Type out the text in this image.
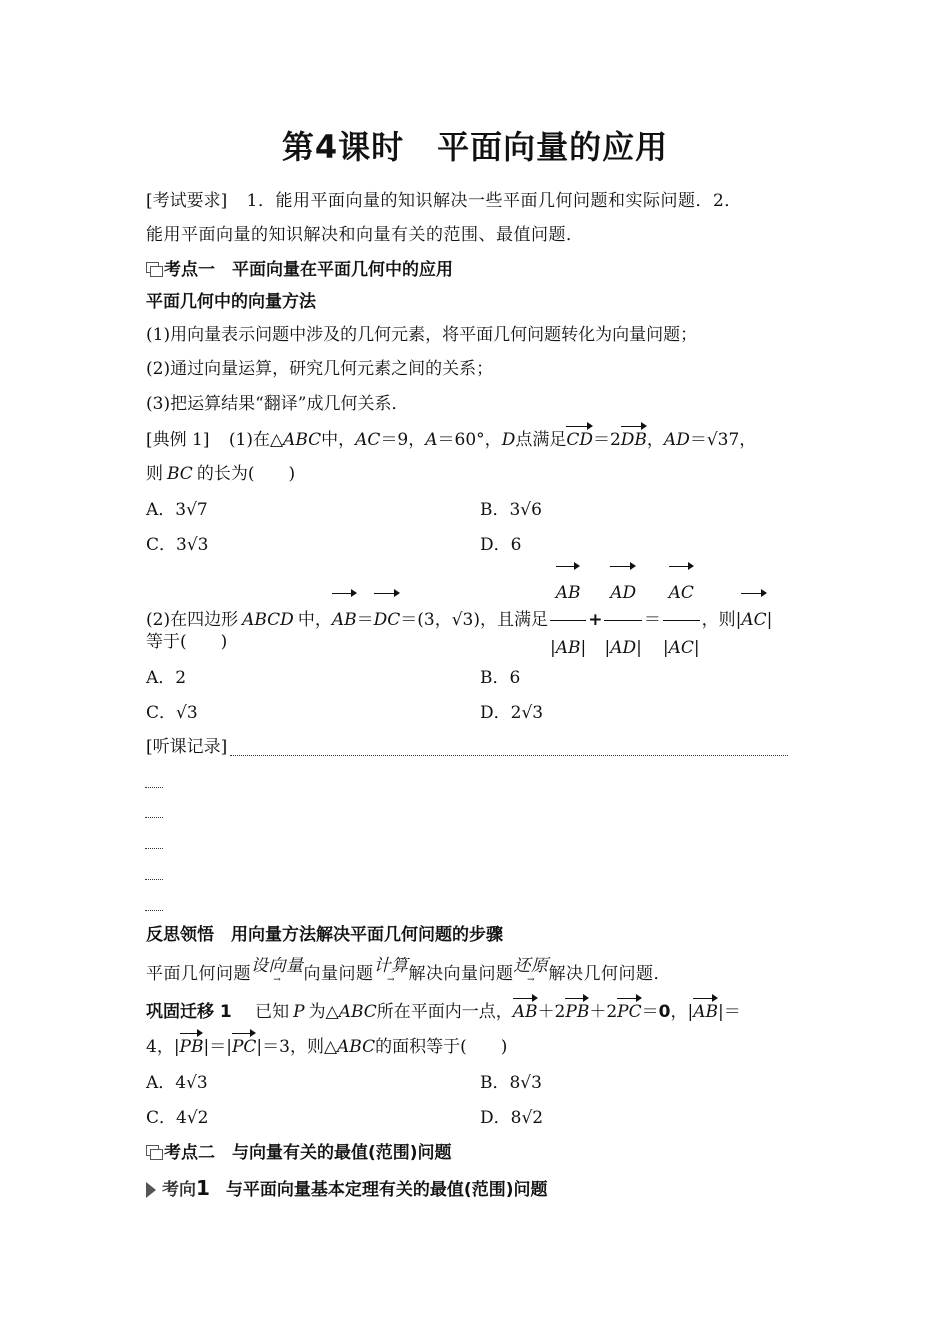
第4课时　平面向量的应用
[考试要求] 1．能用平面向量的知识解决一些平面几何问题和实际问题．2．
能用平面向量的知识解决和向量有关的范围、最值问题．
考点一　平面向量在平面几何中的应用
平面几何中的向量方法
(1)用向量表示问题中涉及的几何元素，将平面几何问题转化为向量问题；
(2)通过向量运算，研究几何元素之间的关系；
(3)把运算结果“翻译”成几何关系．
[典例 1] (1)在△ABC中，AC＝9，A＝60°，D点满足CD＝2DB，AD＝√37，
则 BC 的长为(　　)
A．3√7	B．3√6
C．3√3	D．6
(2)在四边形 ABCD 中，AB＝DC＝(3，√3)，且满足 $\frac{AB}{|AB|} + \frac{AD}{|AD|} = \frac{AC}{|AC|}$ ，则|AC|
等于(　　)
A．2	B．6
C．√3	D．2√3
[听课记录]
反思领悟　用向量方法解决平面几何问题的步骤
平面几何问题设向量
→	向量问题计算
→ 解决向量问题还原
→ 解决几何问题．
巩固迁移 1 已知 P 为△ABC所在平面内一点，AB＋2PB＋2PC＝0，|AB|＝
4，|PB|＝|PC|＝3，则△ABC的面积等于(　　)
A．4√3	B．8√3
C．4√2	D．8√2
考点二　与向量有关的最值(范围)问题
考向1 与平面向量基本定理有关的最值(范围)问题
